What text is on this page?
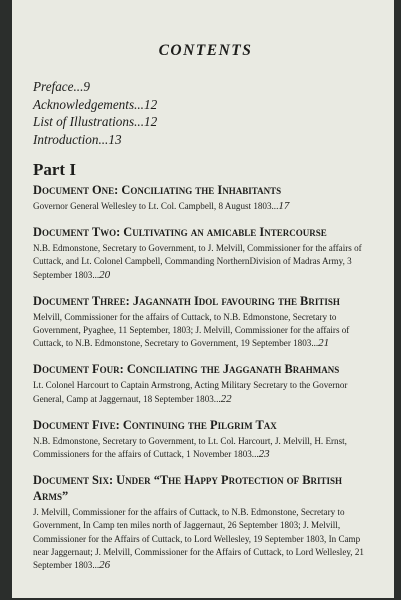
CONTENTS
Preface...9
Acknowledgements...12
List of Illustrations...12
Introduction...13
Part I
Document One: Conciliating the Inhabitants
Governor General Wellesley to Lt. Col. Campbell, 8 August 1803...17
Document Two: Cultivating an amicable Intercourse
N.B. Edmonstone, Secretary to Government, to J. Melvill, Commissioner for the affairs of Cuttack, and Lt. Colonel Campbell, Commanding NorthernDivision of Madras Army, 3 September 1803...20
Document Three: Jagannath Idol favouring the British
Melvill, Commissioner for the affairs of Cuttack, to N.B. Edmonstone, Secretary to Government, Pyaghee, 11 September, 1803; J. Melvill, Commissioner for the affairs of Cuttack, to N.B. Edmonstone, Secretary to Government, 19 September 1803...21
Document Four: Conciliating the Jagganath Brahmans
Lt. Colonel Harcourt to Captain Armstrong, Acting Military Secretary to the Governor General, Camp at Jaggernaut, 18 September 1803...22
Document Five: Continuing the Pilgrim Tax
N.B. Edmonstone, Secretary to Government, to Lt. Col. Harcourt, J. Melvill, H. Ernst, Commissioners for the affairs of Cuttack, 1 November 1803...23
Document Six: Under “The Happy Protection of British Arms”
J. Melvill, Commissioner for the affairs of Cuttack, to N.B. Edmonstone, Secretary to Government, In Camp ten miles north of Jaggernaut, 26 September 1803; J. Melvill, Commissioner for the Affairs of Cuttack, to Lord Wellesley, 19 September 1803, In Camp near Jaggernaut; J. Melvill, Commissioner for the Affairs of Cuttack, to Lord Wellesley, 21 September 1803...26
